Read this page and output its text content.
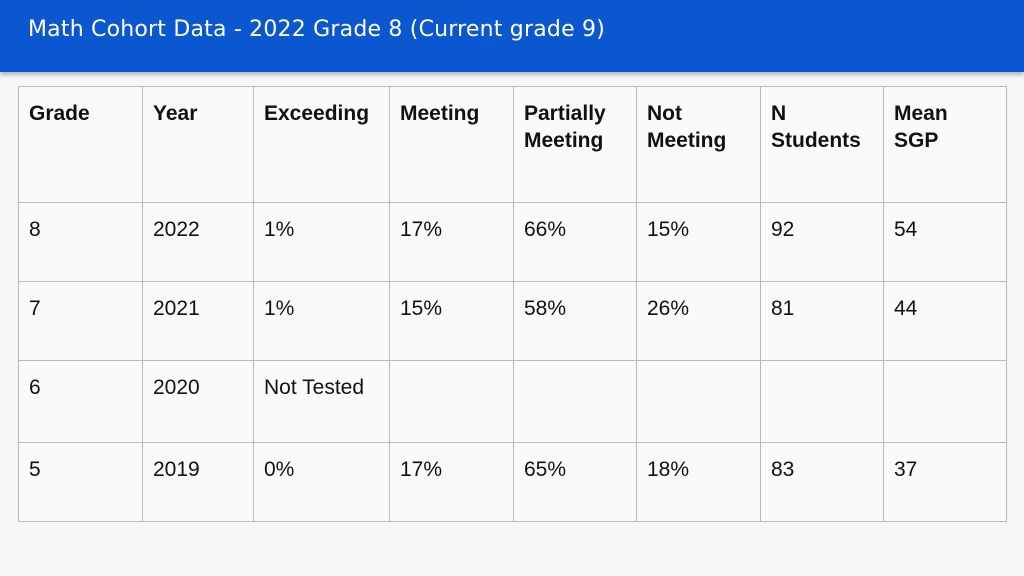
Math Cohort Data - 2022 Grade 8 (Current grade 9)
Grade	Year	Exceeding	Meeting	Partially Meeting	Not Meeting	N Students	Mean SGP
8	2022	1%	17%	66%	15%	92	54
7	2021	1%	15%	58%	26%	81	44
6	2020	Not Tested					
5	2019	0%	17%	65%	18%	83	37
